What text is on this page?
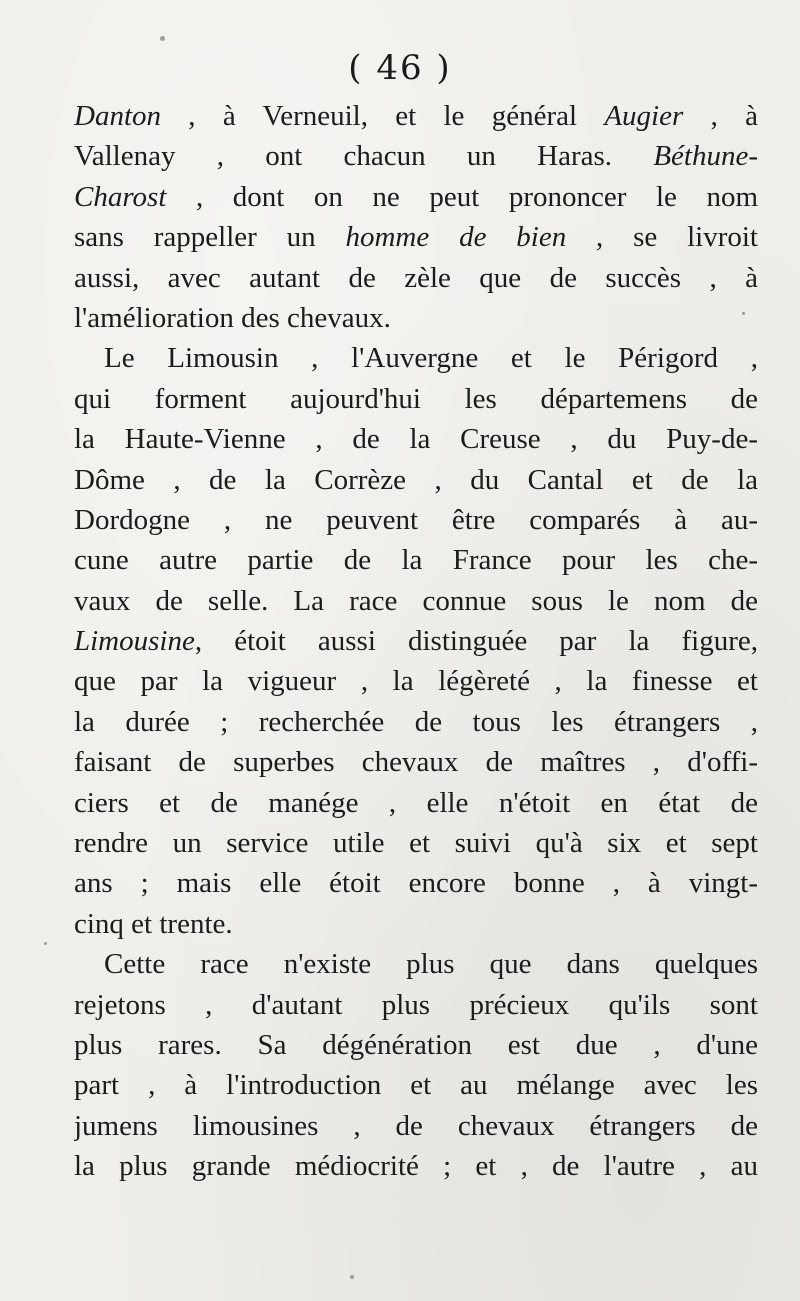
( 46 )
Danton , à Verneuil, et le général Augier , à
Vallenay , ont chacun un Haras. Béthune-
Charost , dont on ne peut prononcer le nom
sans rappeller un homme de bien , se livroit
aussi, avec autant de zèle que de succès , à
l'amélioration des chevaux.
Le Limousin , l'Auvergne et le Périgord ,
qui forment aujourd'hui les départemens de
la Haute-Vienne , de la Creuse , du Puy-de-
Dôme , de la Corrèze , du Cantal et de la
Dordogne , ne peuvent être comparés à au-
cune autre partie de la France pour les che-
vaux de selle. La race connue sous le nom de
Limousine, étoit aussi distinguée par la figure,
que par la vigueur , la légèreté , la finesse et
la durée ; recherchée de tous les étrangers ,
faisant de superbes chevaux de maîtres , d'offi-
ciers et de manége , elle n'étoit en état de
rendre un service utile et suivi qu'à six et sept
ans ; mais elle étoit encore bonne , à vingt-
cinq et trente.
Cette race n'existe plus que dans quelques
rejetons , d'autant plus précieux qu'ils sont
plus rares. Sa dégénération est due , d'une
part , à l'introduction et au mélange avec les
jumens limousines , de chevaux étrangers de
la plus grande médiocrité ; et , de l'autre , au
